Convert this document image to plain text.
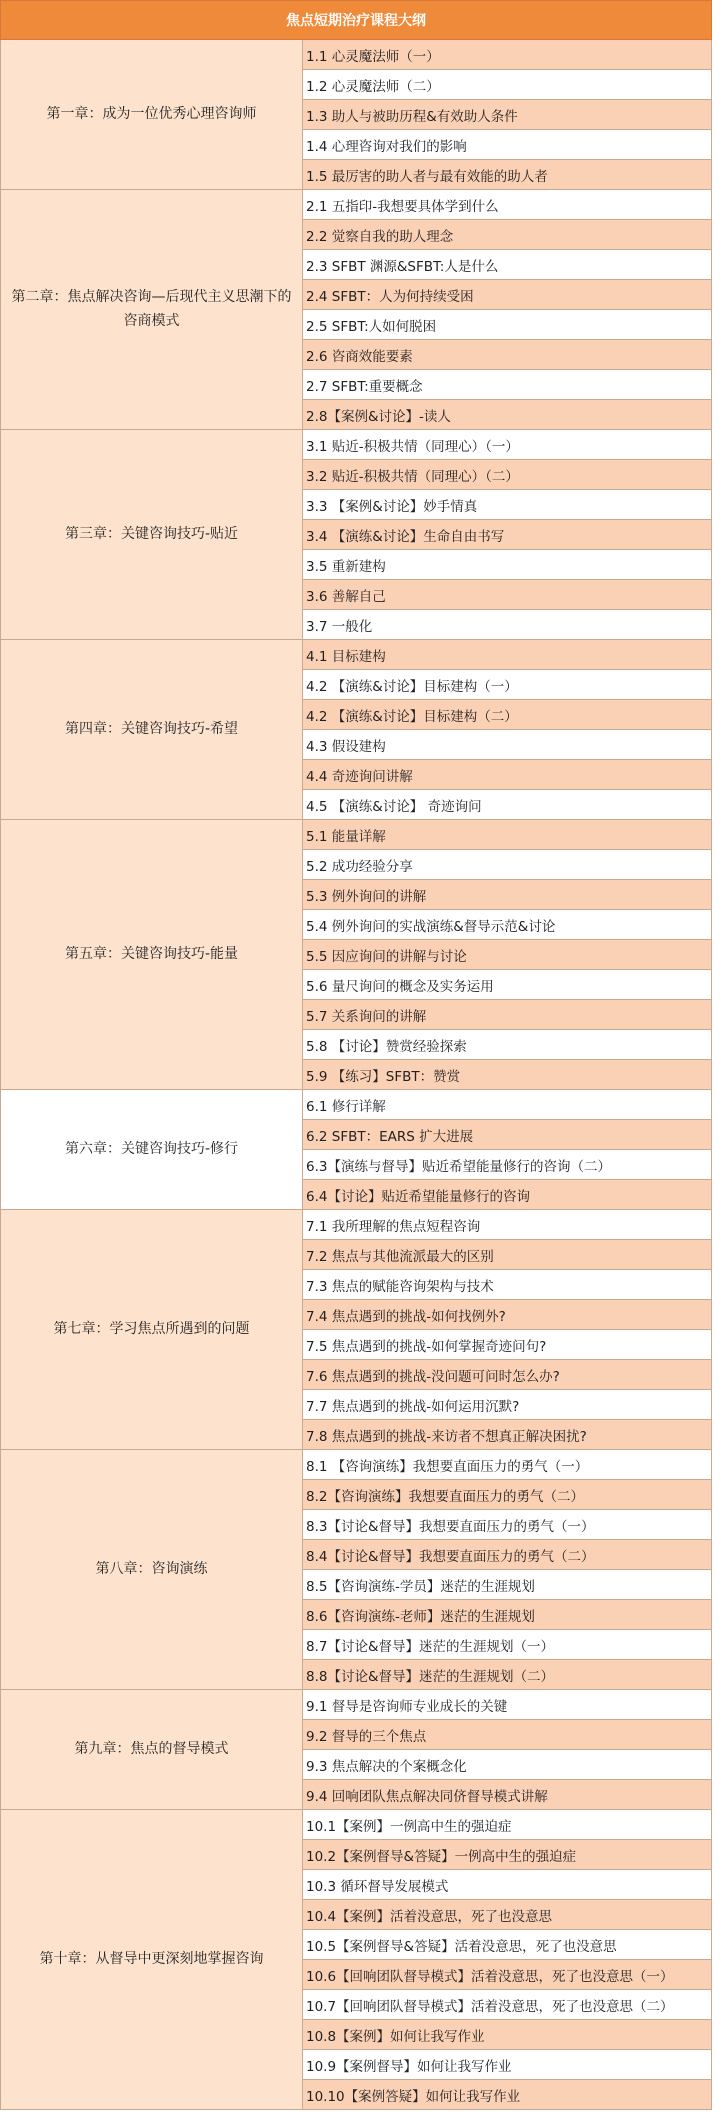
焦点短期治疗课程大纲	
第一章：成为一位优秀心理咨询师	1.1 心灵魔法师（一）
	1.2 心灵魔法师（二）
	1.3 助人与被助历程&有效助人条件
	1.4 心理咨询对我们的影响
	1.5 最厉害的助人者与最有效能的助人者
第二章：焦点解决咨询—后现代主义思潮下的咨商模式	2.1 五指印-我想要具体学到什么
	2.2 觉察自我的助人理念
	2.3 SFBT 渊源&SFBT:人是什么
	2.4 SFBT：人为何持续受困
	2.5 SFBT:人如何脱困
	2.6 咨商效能要素
	2.7 SFBT:重要概念
	2.8【案例&讨论】-读人
第三章：关键咨询技巧-贴近	3.1 贴近-积极共情（同理心）（一）
	3.2 贴近-积极共情（同理心）（二）
	3.3 【案例&讨论】妙手情真
	3.4 【演练&讨论】生命自由书写
	3.5 重新建构
	3.6 善解自己
	3.7 一般化
第四章：关键咨询技巧-希望	4.1 目标建构
	4.2 【演练&讨论】目标建构（一）
	4.2 【演练&讨论】目标建构（二）
	4.3 假设建构
	4.4 奇迹询问讲解
	4.5 【演练&讨论】 奇迹询问
第五章：关键咨询技巧-能量	5.1 能量详解
	5.2 成功经验分享
	5.3 例外询问的讲解
	5.4 例外询问的实战演练&督导示范&讨论
	5.5 因应询问的讲解与讨论
	5.6 量尺询问的概念及实务运用
	5.7 关系询问的讲解
	5.8 【讨论】赞赏经验探索
	5.9 【练习】SFBT：赞赏
第六章：关键咨询技巧-修行	6.1 修行详解
	6.2 SFBT：EARS 扩大进展
	6.3【演练与督导】贴近希望能量修行的咨询（二）
	6.4【讨论】贴近希望能量修行的咨询
第七章：学习焦点所遇到的问题	7.1 我所理解的焦点短程咨询
	7.2 焦点与其他流派最大的区别
	7.3 焦点的赋能咨询架构与技术
	7.4 焦点遇到的挑战-如何找例外?
	7.5 焦点遇到的挑战-如何掌握奇迹问句?
	7.6 焦点遇到的挑战-没问题可问时怎么办?
	7.7 焦点遇到的挑战-如何运用沉默?
	7.8 焦点遇到的挑战-来访者不想真正解决困扰?
第八章：咨询演练	8.1 【咨询演练】我想要直面压力的勇气（一）
	8.2【咨询演练】我想要直面压力的勇气（二）
	8.3【讨论&督导】我想要直面压力的勇气（一）
	8.4【讨论&督导】我想要直面压力的勇气（二）
	8.5【咨询演练-学员】迷茫的生涯规划
	8.6【咨询演练-老师】迷茫的生涯规划
	8.7【讨论&督导】迷茫的生涯规划（一）
	8.8【讨论&督导】迷茫的生涯规划（二）
第九章：焦点的督导模式	9.1 督导是咨询师专业成长的关键
	9.2 督导的三个焦点
	9.3 焦点解决的个案概念化
	9.4 回响团队焦点解决同侪督导模式讲解
第十章：从督导中更深刻地掌握咨询	10.1【案例】一例高中生的强迫症
	10.2【案例督导&答疑】一例高中生的强迫症
	10.3 循环督导发展模式
	10.4【案例】活着没意思，死了也没意思
	10.5【案例督导&答疑】活着没意思，死了也没意思
	10.6【回响团队督导模式】活着没意思，死了也没意思（一）
	10.7【回响团队督导模式】活着没意思，死了也没意思（二）
	10.8【案例】如何让我写作业
	10.9【案例督导】如何让我写作业
	10.10【案例答疑】如何让我写作业
